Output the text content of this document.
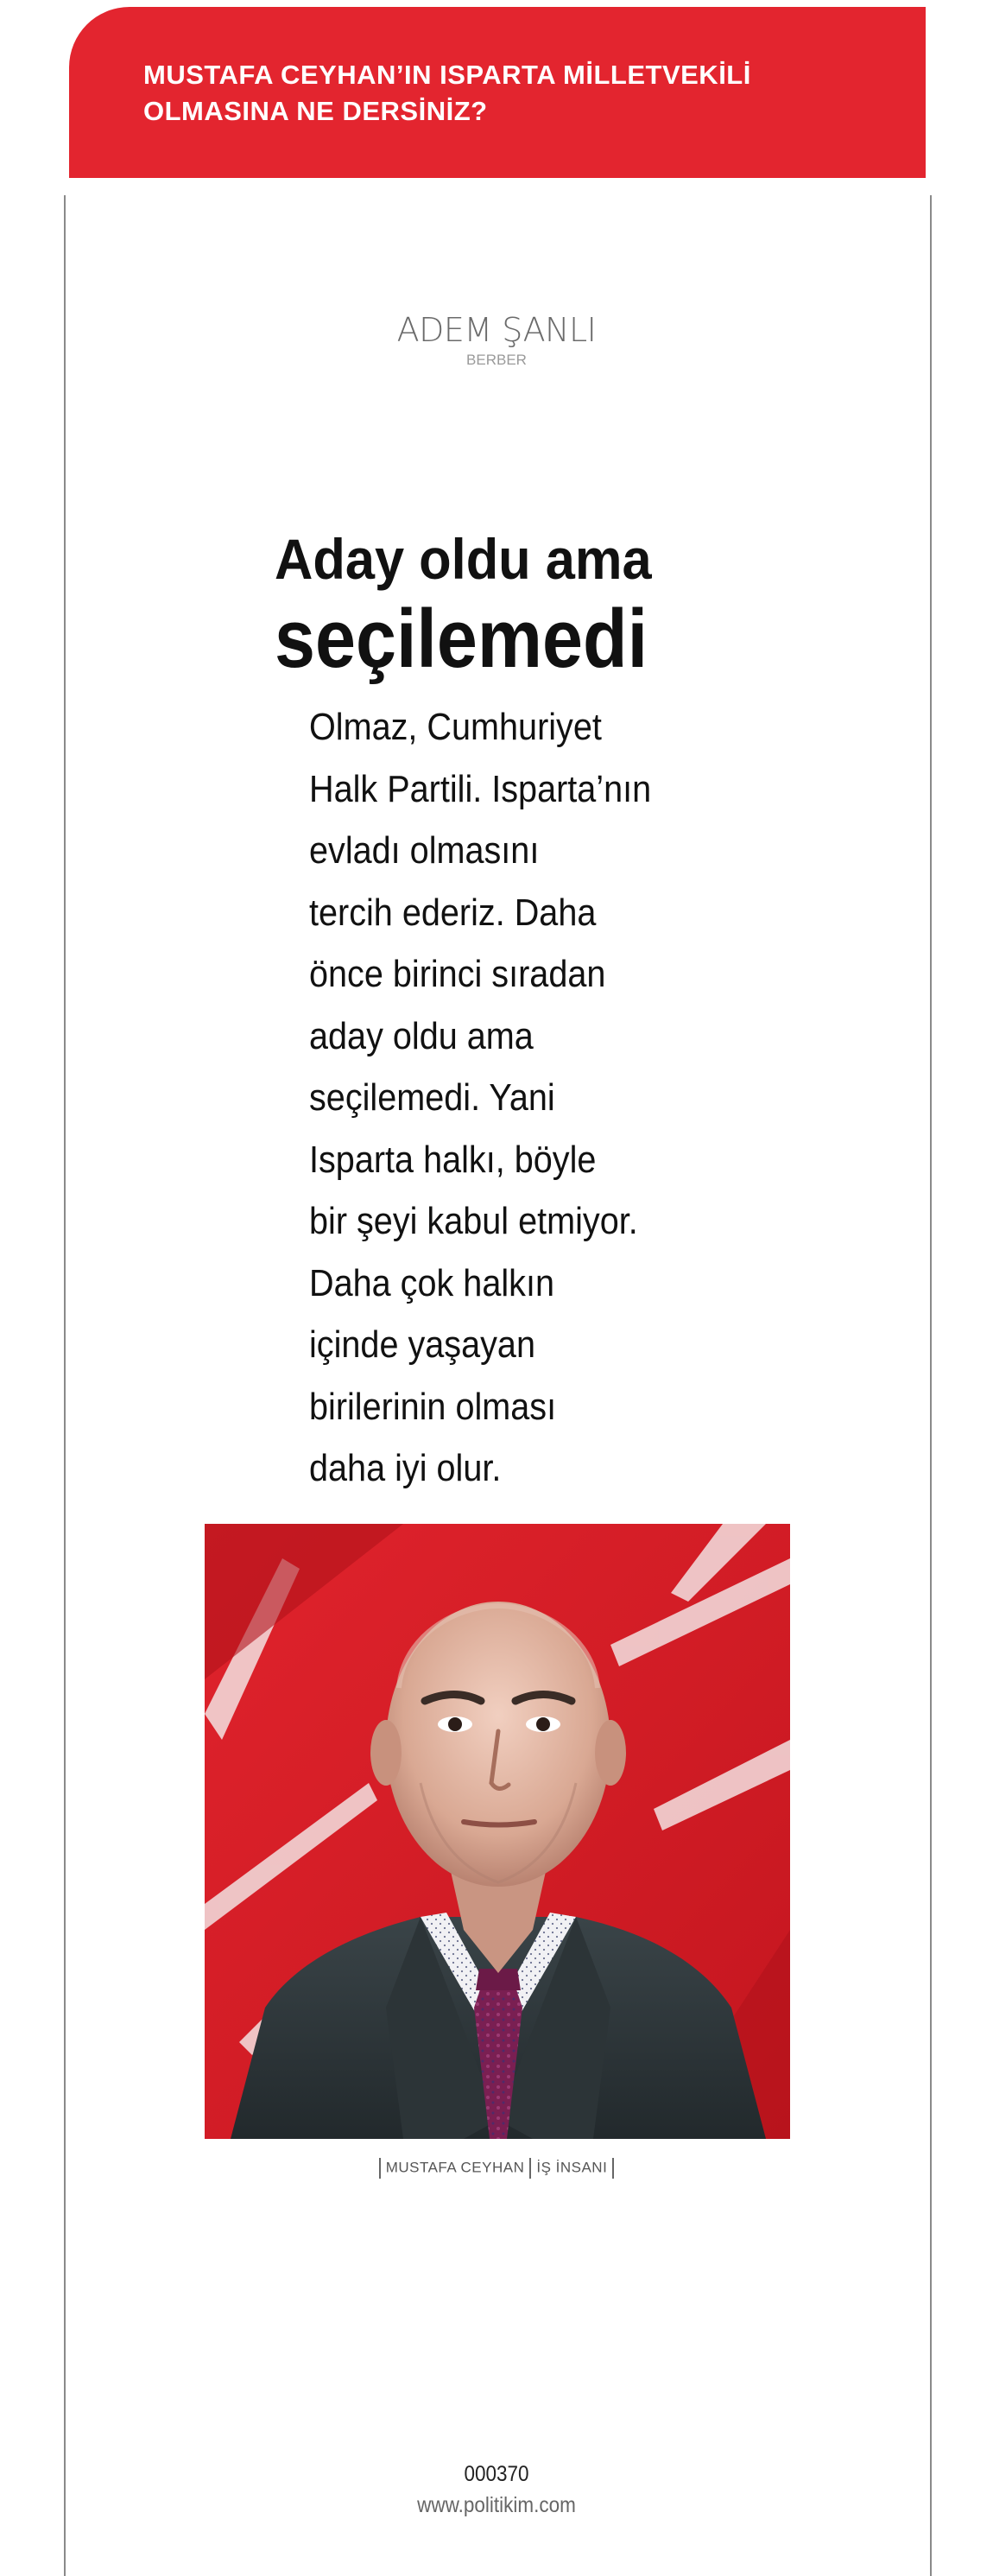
MUSTAFA CEYHAN’IN ISPARTA MİLLETVEKİLİ OLMASINA NE DERSİNİZ?
ADEM ŞANLI
BERBER
Aday oldu ama
seçilemedi
Olmaz, Cumhuriyet
Halk Partili. Isparta’nın
evladı olmasını
tercih ederiz. Daha
önce birinci sıradan
aday oldu ama
seçilemedi. Yani
Isparta halkı, böyle
bir şeyi kabul etmiyor.
Daha çok halkın
içinde yaşayan
birilerinin olması
daha iyi olur.
MUSTAFA CEYHAN İŞ İNSANI
000370
www.politikim.com
